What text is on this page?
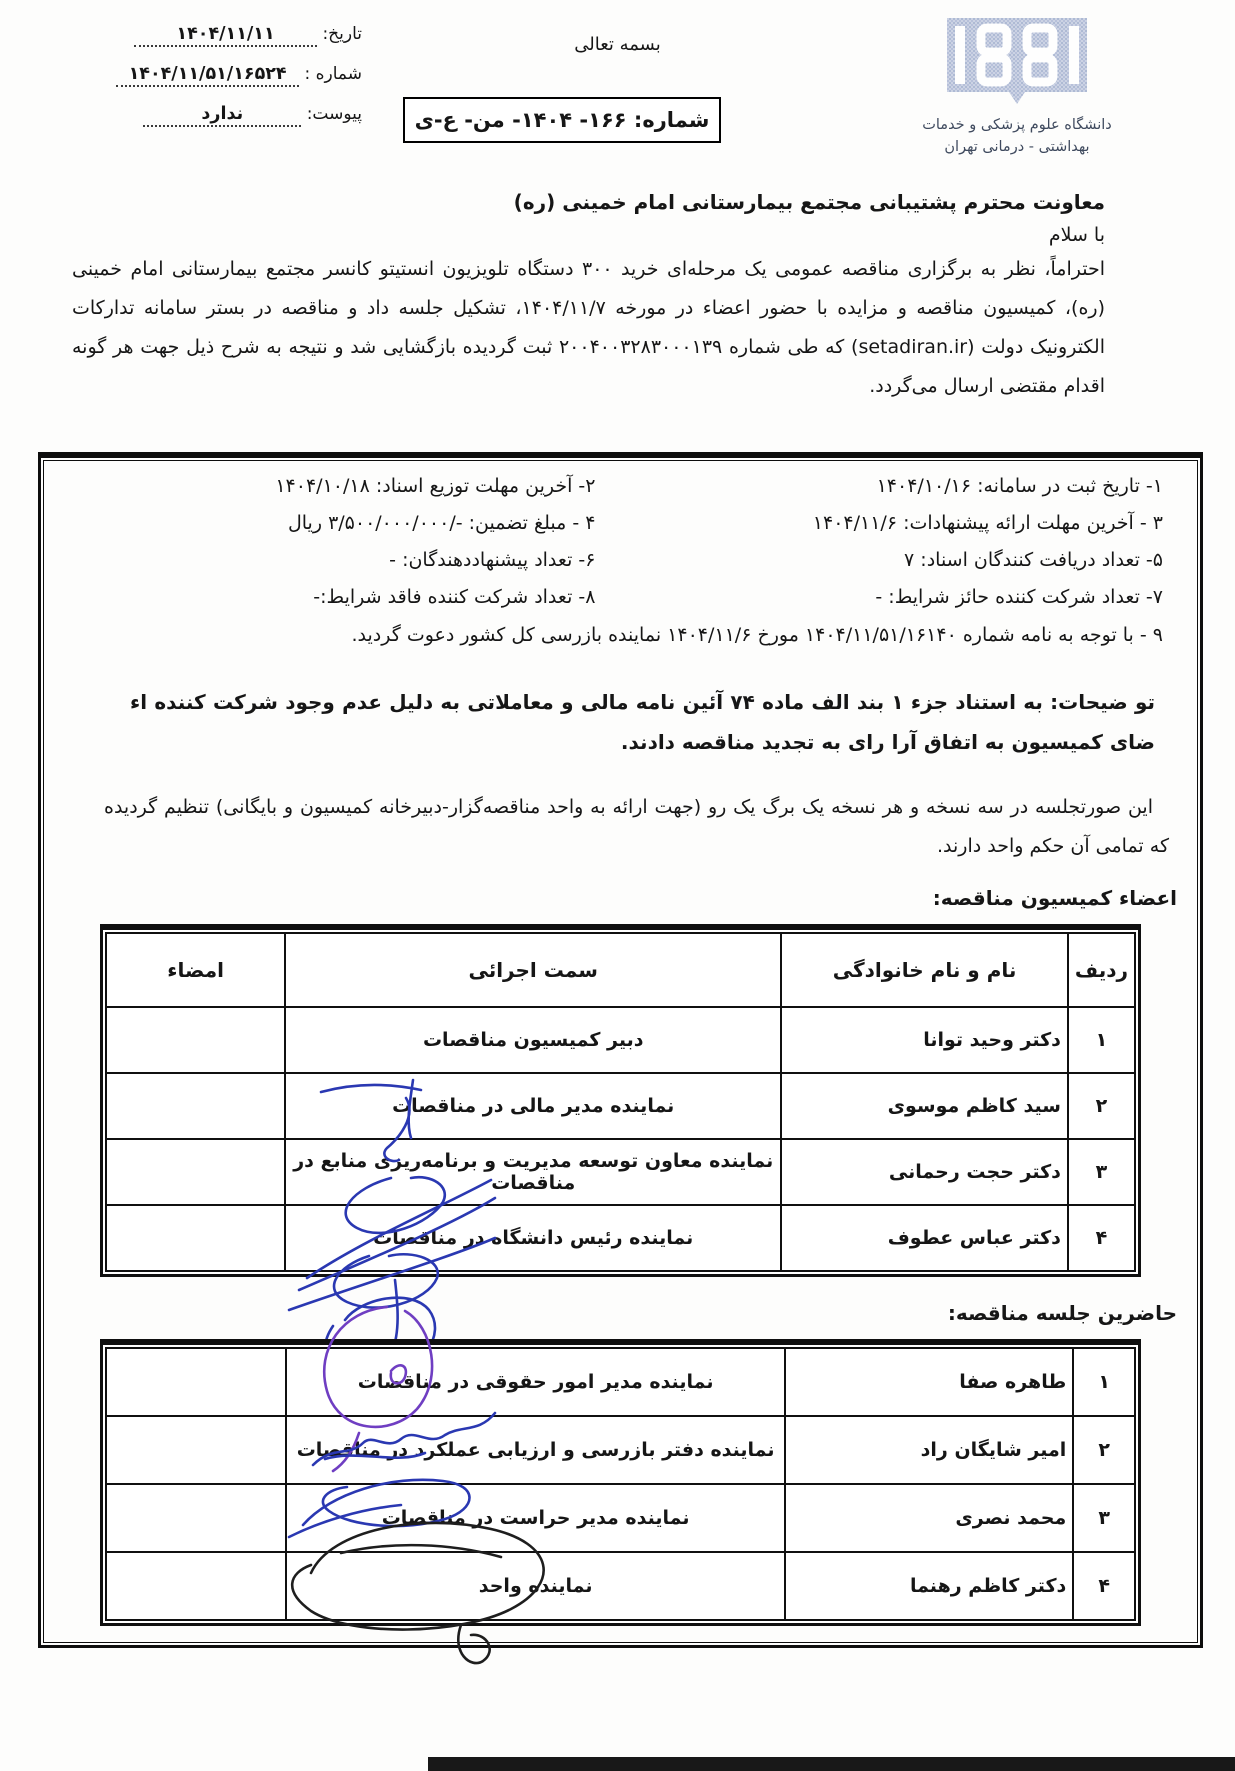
تاریخ: ۱۴۰۴/۱۱/۱۱
شماره : ۱۴۰۴/۱۱/۵۱/۱۶۵۲۴
پیوست: ندارد
بسمه تعالی
شماره: ۱۶۶- ۱۴۰۴- من- ع-ی	دانشگاه علوم پزشکی و خدمات
بهداشتی - درمانی تهران
معاونت محترم پشتیبانی مجتمع بیمارستانی امام خمینی (ره)
با سلام
احتراماً، نظر به برگزاری مناقصه عمومی یک مرحله‌ای خرید ۳۰۰ دستگاه تلویزیون انستیتو کانسر مجتمع بیمارستانی امام خمینی (ره)، کمیسیون مناقصه و مزایده با حضور اعضاء در مورخه ۱۴۰۴/۱۱/۷، تشکیل جلسه داد و مناقصه در بستر سامانه تدارکات الکترونیک دولت (setadiran.ir) که طی شماره ۲۰۰۴۰۰۳۲۸۳۰۰۰۱۳۹ ثبت گردیده بازگشایی شد و نتیجه به شرح ذیل جهت هر گونه اقدام مقتضی ارسال می‌گردد.
۱- تاریخ ثبت در سامانه: ۱۴۰۴/۱۰/۱۶
۲- آخرین مهلت توزیع اسناد: ۱۴۰۴/۱۰/۱۸
۳ - آخرین مهلت ارائه پیشنهادات: ۱۴۰۴/۱۱/۶
۴ - مبلغ تضمین: -/۳/۵۰۰/۰۰۰/۰۰۰ ریال
۵- تعداد دریافت کنندگان اسناد: ۷
۶- تعداد پیشنهاددهندگان: -
۷- تعداد شرکت کننده حائز شرایط: -
۸- تعداد شرکت کننده فاقد شرایط:-
۹ - با توجه به نامه شماره ۱۴۰۴/۱۱/۵۱/۱۶۱۴۰ مورخ ۱۴۰۴/۱۱/۶ نماینده بازرسی کل کشور دعوت گردید.
تو ضیحات: به استناد جزء ۱ بند الف ماده ۷۴ آئین نامه مالی و معاملاتی به دلیل عدم وجود شرکت کننده اء ضای کمیسیون به اتفاق آرا رای به تجدید مناقصه دادند.
این صورتجلسه در سه نسخه و هر نسخه یک برگ یک رو (جهت ارائه به واحد مناقصه‌گزار-دبیرخانه کمیسیون و بایگانی) تنظیم گردیده که تمامی آن حکم واحد دارند.
اعضاء کمیسیون مناقصه:
ردیف	نام و نام خانوادگی	سمت اجرائی	امضاء
۱	دکتر وحید توانا	دبیر کمیسیون مناقصات	
۲	سید کاظم موسوی	نماینده مدیر مالی در مناقصات	
۳	دکتر حجت رحمانی	نماینده معاون توسعه مدیریت و برنامه‌ریزی منابع در مناقصات	
۴	دکتر عباس عطوف	نماینده رئیس دانشگاه در مناقصات	
حاضرین جلسه مناقصه:
۱	طاهره صفا	نماینده مدیر امور حقوقی در مناقصات	
۲	امیر شایگان راد	نماینده دفتر بازرسی و ارزیابی عملکرد در مناقصات	
۳	محمد نصری	نماینده مدیر حراست در مناقصات	
۴	دکتر کاظم رهنما	نماینده واحد	
